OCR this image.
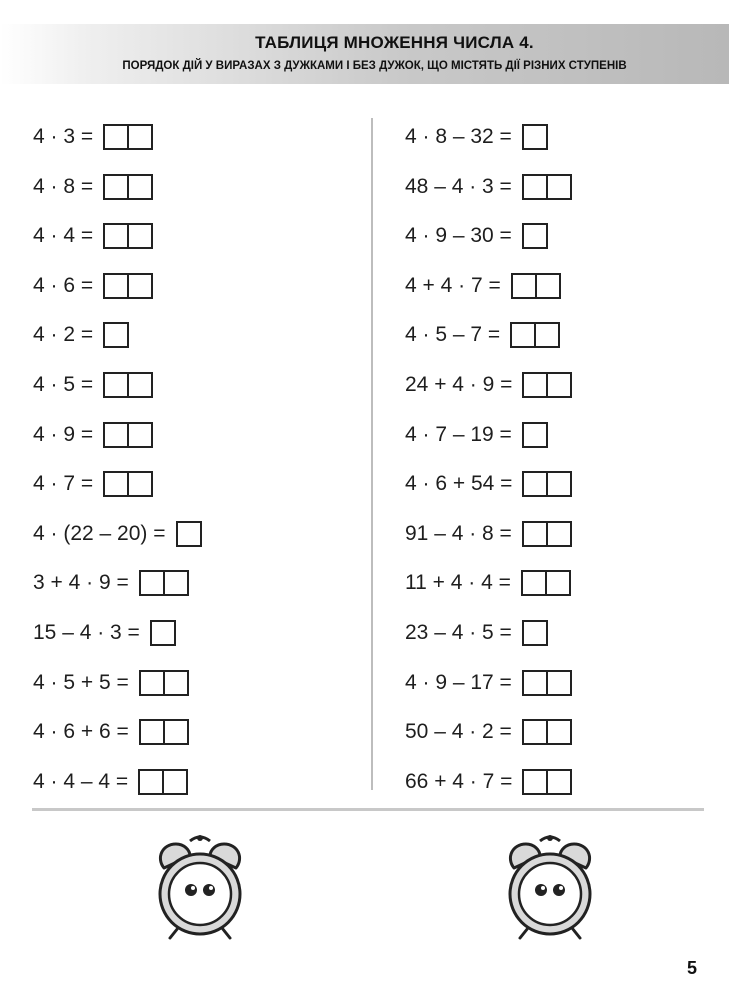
ТАБЛИЦЯ МНОЖЕННЯ ЧИСЛА 4.
ПОРЯДОК ДІЙ У ВИРАЗАХ З ДУЖКАМИ І БЕЗ ДУЖОК, ЩО МІСТЯТЬ ДІЇ РІЗНИХ СТУПЕНІВ
4 · 3 =
4 · 8 =
4 · 4 =
4 · 6 =
4 · 2 =
4 · 5 =
4 · 9 =
4 · 7 =
4 · (22 – 20) =
3 + 4 · 9 =
15 – 4 · 3 =
4 · 5 + 5 =
4 · 6 + 6 =
4 · 4 – 4 =
4 · 8 – 32 =
48 – 4 · 3 =
4 · 9 – 30 =
4 + 4 · 7 =
4 · 5 – 7 =
24 + 4 · 9 =
4 · 7 – 19 =
4 · 6 + 54 =
91 – 4 · 8 =
11 + 4 · 4 =
23 – 4 · 5 =
4 · 9 – 17 =
50 – 4 · 2 =
66 + 4 · 7 =
5
